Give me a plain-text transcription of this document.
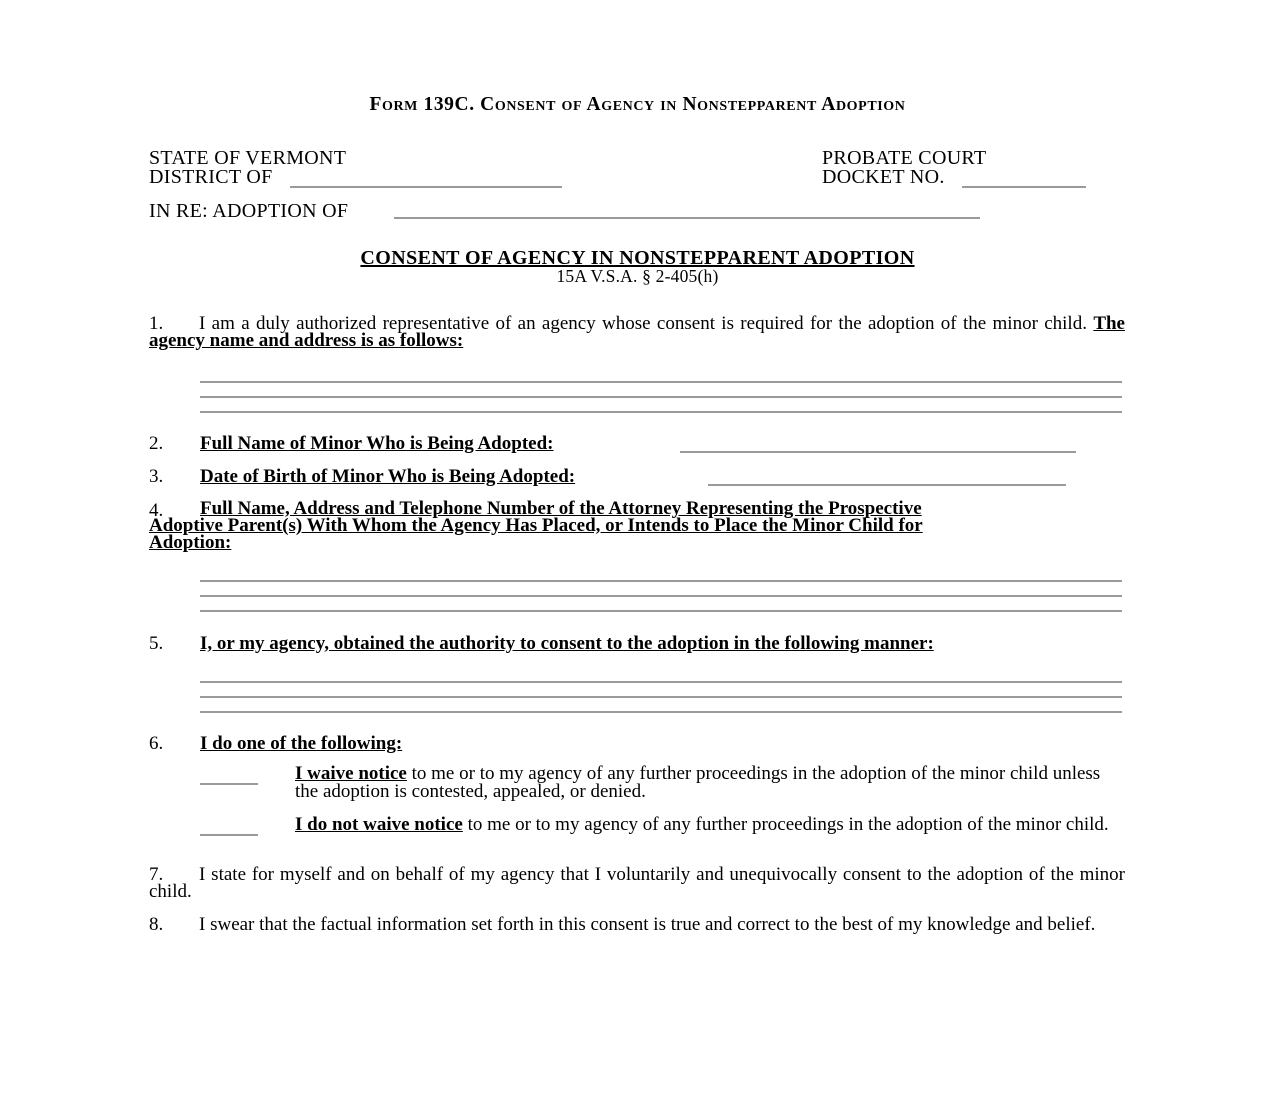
Form 139C. Consent of Agency in Nonstepparent Adoption
STATE OF VERMONT
DISTRICT OF
PROBATE COURT
DOCKET NO.
IN RE: ADOPTION OF
CONSENT OF AGENCY IN NONSTEPPARENT ADOPTION
15A V.S.A. § 2-405(h)
1. I am a duly authorized representative of an agency whose consent is required for the adoption of the minor child. The agency name and address is as follows:
2. Full Name of Minor Who is Being Adopted:
3. Date of Birth of Minor Who is Being Adopted:
4.	Full Name, Address and Telephone Number of the Attorney Representing the Prospective
Adoptive Parent(s) With Whom the Agency Has Placed, or Intends to Place the Minor Child for
Adoption:
5. I, or my agency, obtained the authority to consent to the adoption in the following manner:
6. I do one of the following:
I waive notice to me or to my agency of any further proceedings in the adoption of the minor child unless the adoption is contested, appealed, or denied.
I do not waive notice to me or to my agency of any further proceedings in the adoption of the minor child.
7. I state for myself and on behalf of my agency that I voluntarily and unequivocally consent to the adoption of the minor child.
8. I swear that the factual information set forth in this consent is true and correct to the best of my knowledge and belief.
